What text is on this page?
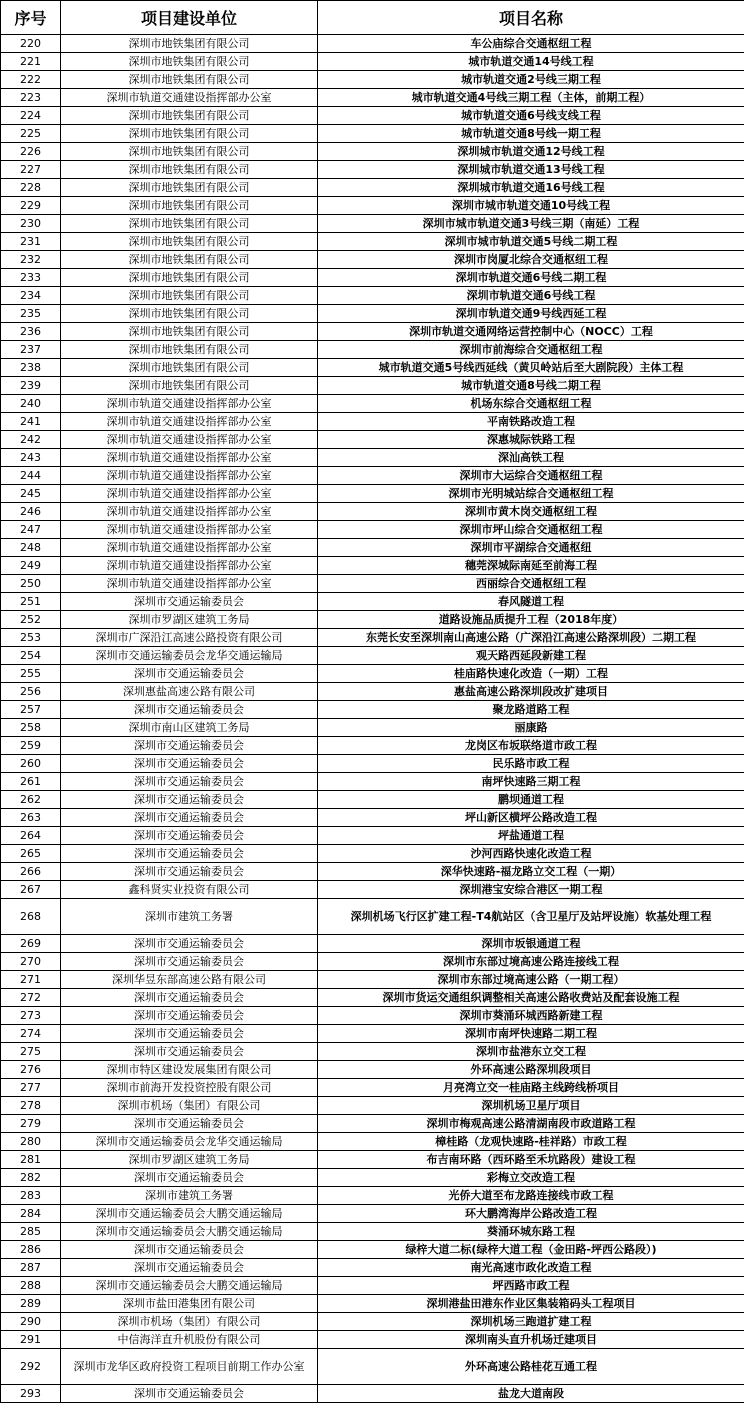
序号	项目建设单位	项目名称
220	深圳市地铁集团有限公司	车公庙综合交通枢纽工程
221	深圳市地铁集团有限公司	城市轨道交通14号线工程
222	深圳市地铁集团有限公司	城市轨道交通2号线三期工程
223	深圳市轨道交通建设指挥部办公室	城市轨道交通4号线三期工程（主体，前期工程）
224	深圳市地铁集团有限公司	城市轨道交通6号线支线工程
225	深圳市地铁集团有限公司	城市轨道交通8号线一期工程
226	深圳市地铁集团有限公司	深圳城市轨道交通12号线工程
227	深圳市地铁集团有限公司	深圳城市轨道交通13号线工程
228	深圳市地铁集团有限公司	深圳城市轨道交通16号线工程
229	深圳市地铁集团有限公司	深圳市城市轨道交通10号线工程
230	深圳市地铁集团有限公司	深圳市城市轨道交通3号线三期（南延）工程
231	深圳市地铁集团有限公司	深圳市城市轨道交通5号线二期工程
232	深圳市地铁集团有限公司	深圳市岗厦北综合交通枢纽工程
233	深圳市地铁集团有限公司	深圳市轨道交通6号线二期工程
234	深圳市地铁集团有限公司	深圳市轨道交通6号线工程
235	深圳市地铁集团有限公司	深圳市轨道交通9号线西延工程
236	深圳市地铁集团有限公司	深圳市轨道交通网络运营控制中心（NOCC）工程
237	深圳市地铁集团有限公司	深圳市前海综合交通枢纽工程
238	深圳市地铁集团有限公司	城市轨道交通5号线西延线（黄贝岭站后至大剧院段）主体工程
239	深圳市地铁集团有限公司	城市轨道交通8号线二期工程
240	深圳市轨道交通建设指挥部办公室	机场东综合交通枢纽工程
241	深圳市轨道交通建设指挥部办公室	平南铁路改造工程
242	深圳市轨道交通建设指挥部办公室	深惠城际铁路工程
243	深圳市轨道交通建设指挥部办公室	深汕高铁工程
244	深圳市轨道交通建设指挥部办公室	深圳市大运综合交通枢纽工程
245	深圳市轨道交通建设指挥部办公室	深圳市光明城站综合交通枢纽工程
246	深圳市轨道交通建设指挥部办公室	深圳市黄木岗交通枢纽工程
247	深圳市轨道交通建设指挥部办公室	深圳市坪山综合交通枢纽工程
248	深圳市轨道交通建设指挥部办公室	深圳市平湖综合交通枢纽
249	深圳市轨道交通建设指挥部办公室	穗莞深城际南延至前海工程
250	深圳市轨道交通建设指挥部办公室	西丽综合交通枢纽工程
251	深圳市交通运输委员会	春风隧道工程
252	深圳市罗湖区建筑工务局	道路设施品质提升工程（2018年度）
253	深圳市广深沿江高速公路投资有限公司	东莞长安至深圳南山高速公路（广深沿江高速公路深圳段）二期工程
254	深圳市交通运输委员会龙华交通运输局	观天路西延段新建工程
255	深圳市交通运输委员会	桂庙路快速化改造（一期）工程
256	深圳惠盐高速公路有限公司	惠盐高速公路深圳段改扩建项目
257	深圳市交通运输委员会	聚龙路道路工程
258	深圳市南山区建筑工务局	丽康路
259	深圳市交通运输委员会	龙岗区布坂联络道市政工程
260	深圳市交通运输委员会	民乐路市政工程
261	深圳市交通运输委员会	南坪快速路三期工程
262	深圳市交通运输委员会	鹏坝通道工程
263	深圳市交通运输委员会	坪山新区横坪公路改造工程
264	深圳市交通运输委员会	坪盐通道工程
265	深圳市交通运输委员会	沙河西路快速化改造工程
266	深圳市交通运输委员会	深华快速路-福龙路立交工程（一期）
267	鑫科贤实业投资有限公司	深圳港宝安综合港区一期工程
268	深圳市建筑工务署	深圳机场飞行区扩建工程-T4航站区（含卫星厅及站坪设施）软基处理工程
269	深圳市交通运输委员会	深圳市坂银通道工程
270	深圳市交通运输委员会	深圳市东部过境高速公路连接线工程
271	深圳华昱东部高速公路有限公司	深圳市东部过境高速公路（一期工程）
272	深圳市交通运输委员会	深圳市货运交通组织调整相关高速公路收费站及配套设施工程
273	深圳市交通运输委员会	深圳市葵涌环城西路新建工程
274	深圳市交通运输委员会	深圳市南坪快速路二期工程
275	深圳市交通运输委员会	深圳市盐港东立交工程
276	深圳市特区建设发展集团有限公司	外环高速公路深圳段项目
277	深圳市前海开发投资控股有限公司	月亮湾立交一桂庙路主线跨线桥项目
278	深圳市机场（集团）有限公司	深圳机场卫星厅项目
279	深圳市交通运输委员会	深圳市梅观高速公路清湖南段市政道路工程
280	深圳市交通运输委员会龙华交通运输局	樟桂路（龙观快速路-桂祥路）市政工程
281	深圳市罗湖区建筑工务局	布吉南环路（西环路至禾坑路段）建设工程
282	深圳市交通运输委员会	彩梅立交改造工程
283	深圳市建筑工务署	光侨大道至布龙路连接线市政工程
284	深圳市交通运输委员会大鹏交通运输局	环大鹏湾海岸公路改造工程
285	深圳市交通运输委员会大鹏交通运输局	葵涌环城东路工程
286	深圳市交通运输委员会	绿梓大道二标(绿梓大道工程（金田路-坪西公路段）)
287	深圳市交通运输委员会	南光高速市政化改造工程
288	深圳市交通运输委员会大鹏交通运输局	坪西路市政工程
289	深圳市盐田港集团有限公司	深圳港盐田港东作业区集装箱码头工程项目
290	深圳市机场（集团）有限公司	深圳机场三跑道扩建工程
291	中信海洋直升机股份有限公司	深圳南头直升机场迁建项目
292	深圳市龙华区政府投资工程项目前期工作办公室	外环高速公路桂花互通工程
293	深圳市交通运输委员会	盐龙大道南段
